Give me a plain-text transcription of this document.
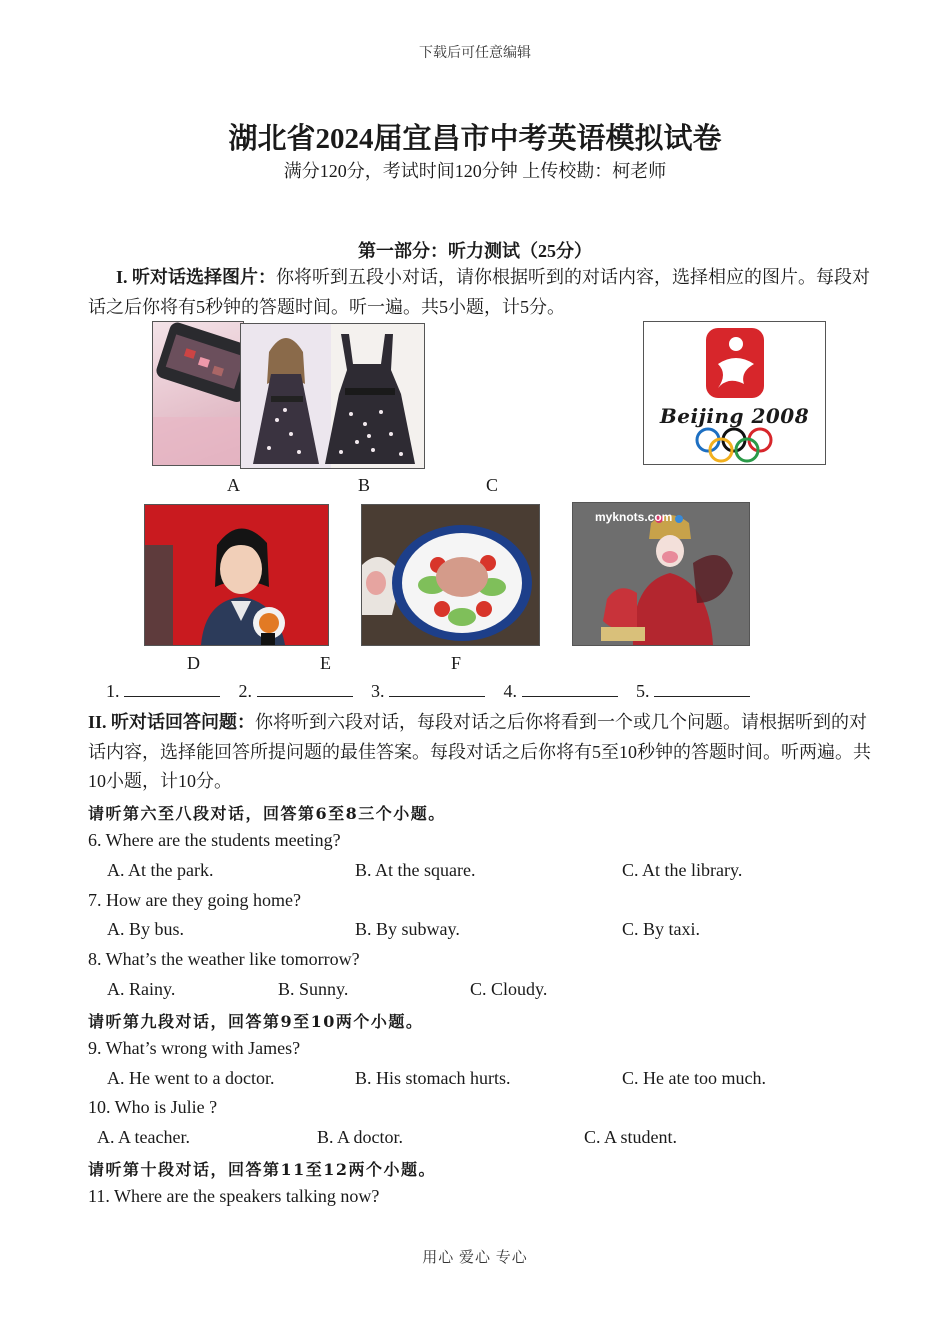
下载后可任意编辑
湖北省2024届宜昌市中考英语模拟试卷
满分120分，考试时间120分钟 上传校勘：柯老师
第一部分：听力测试（25分）
I. 听对话选择图片：你将听到五段小对话，请你根据听到的对话内容，选择相应的图片。每段对话之后你将有5秒钟的答题时间。听一遍。共5小题，计5分。
Beijing 2008
A	B	C
myknots.com
D	E	F
1.	2.	3.	4.	5.
II. 听对话回答问题：你将听到六段对话，每段对话之后你将看到一个或几个问题。请根据听到的对话内容，选择能回答所提问题的最佳答案。每段对话之后你将有5至10秒钟的答题时间。听两遍。共10小题，计10分。
请听第六至八段对话，回答第6至8三个小题。
6. Where are the students meeting?
A. At the park.	B. At the square.	C. At the library.
7. How are they going home?
A. By bus.	B. By subway.	C. By taxi.
8. What’s the weather like tomorrow?
A. Rainy.	B. Sunny.	C. Cloudy.
请听第九段对话，回答第9至10两个小题。
9. What’s wrong with James?
A. He went to a doctor.	B. His stomach hurts.	C. He ate too much.
10. Who is Julie ?
A. A teacher.	B. A doctor.	C. A student.
请听第十段对话，回答第11至12两个小题。
11. Where are the speakers talking now?
用心 爱心 专心
